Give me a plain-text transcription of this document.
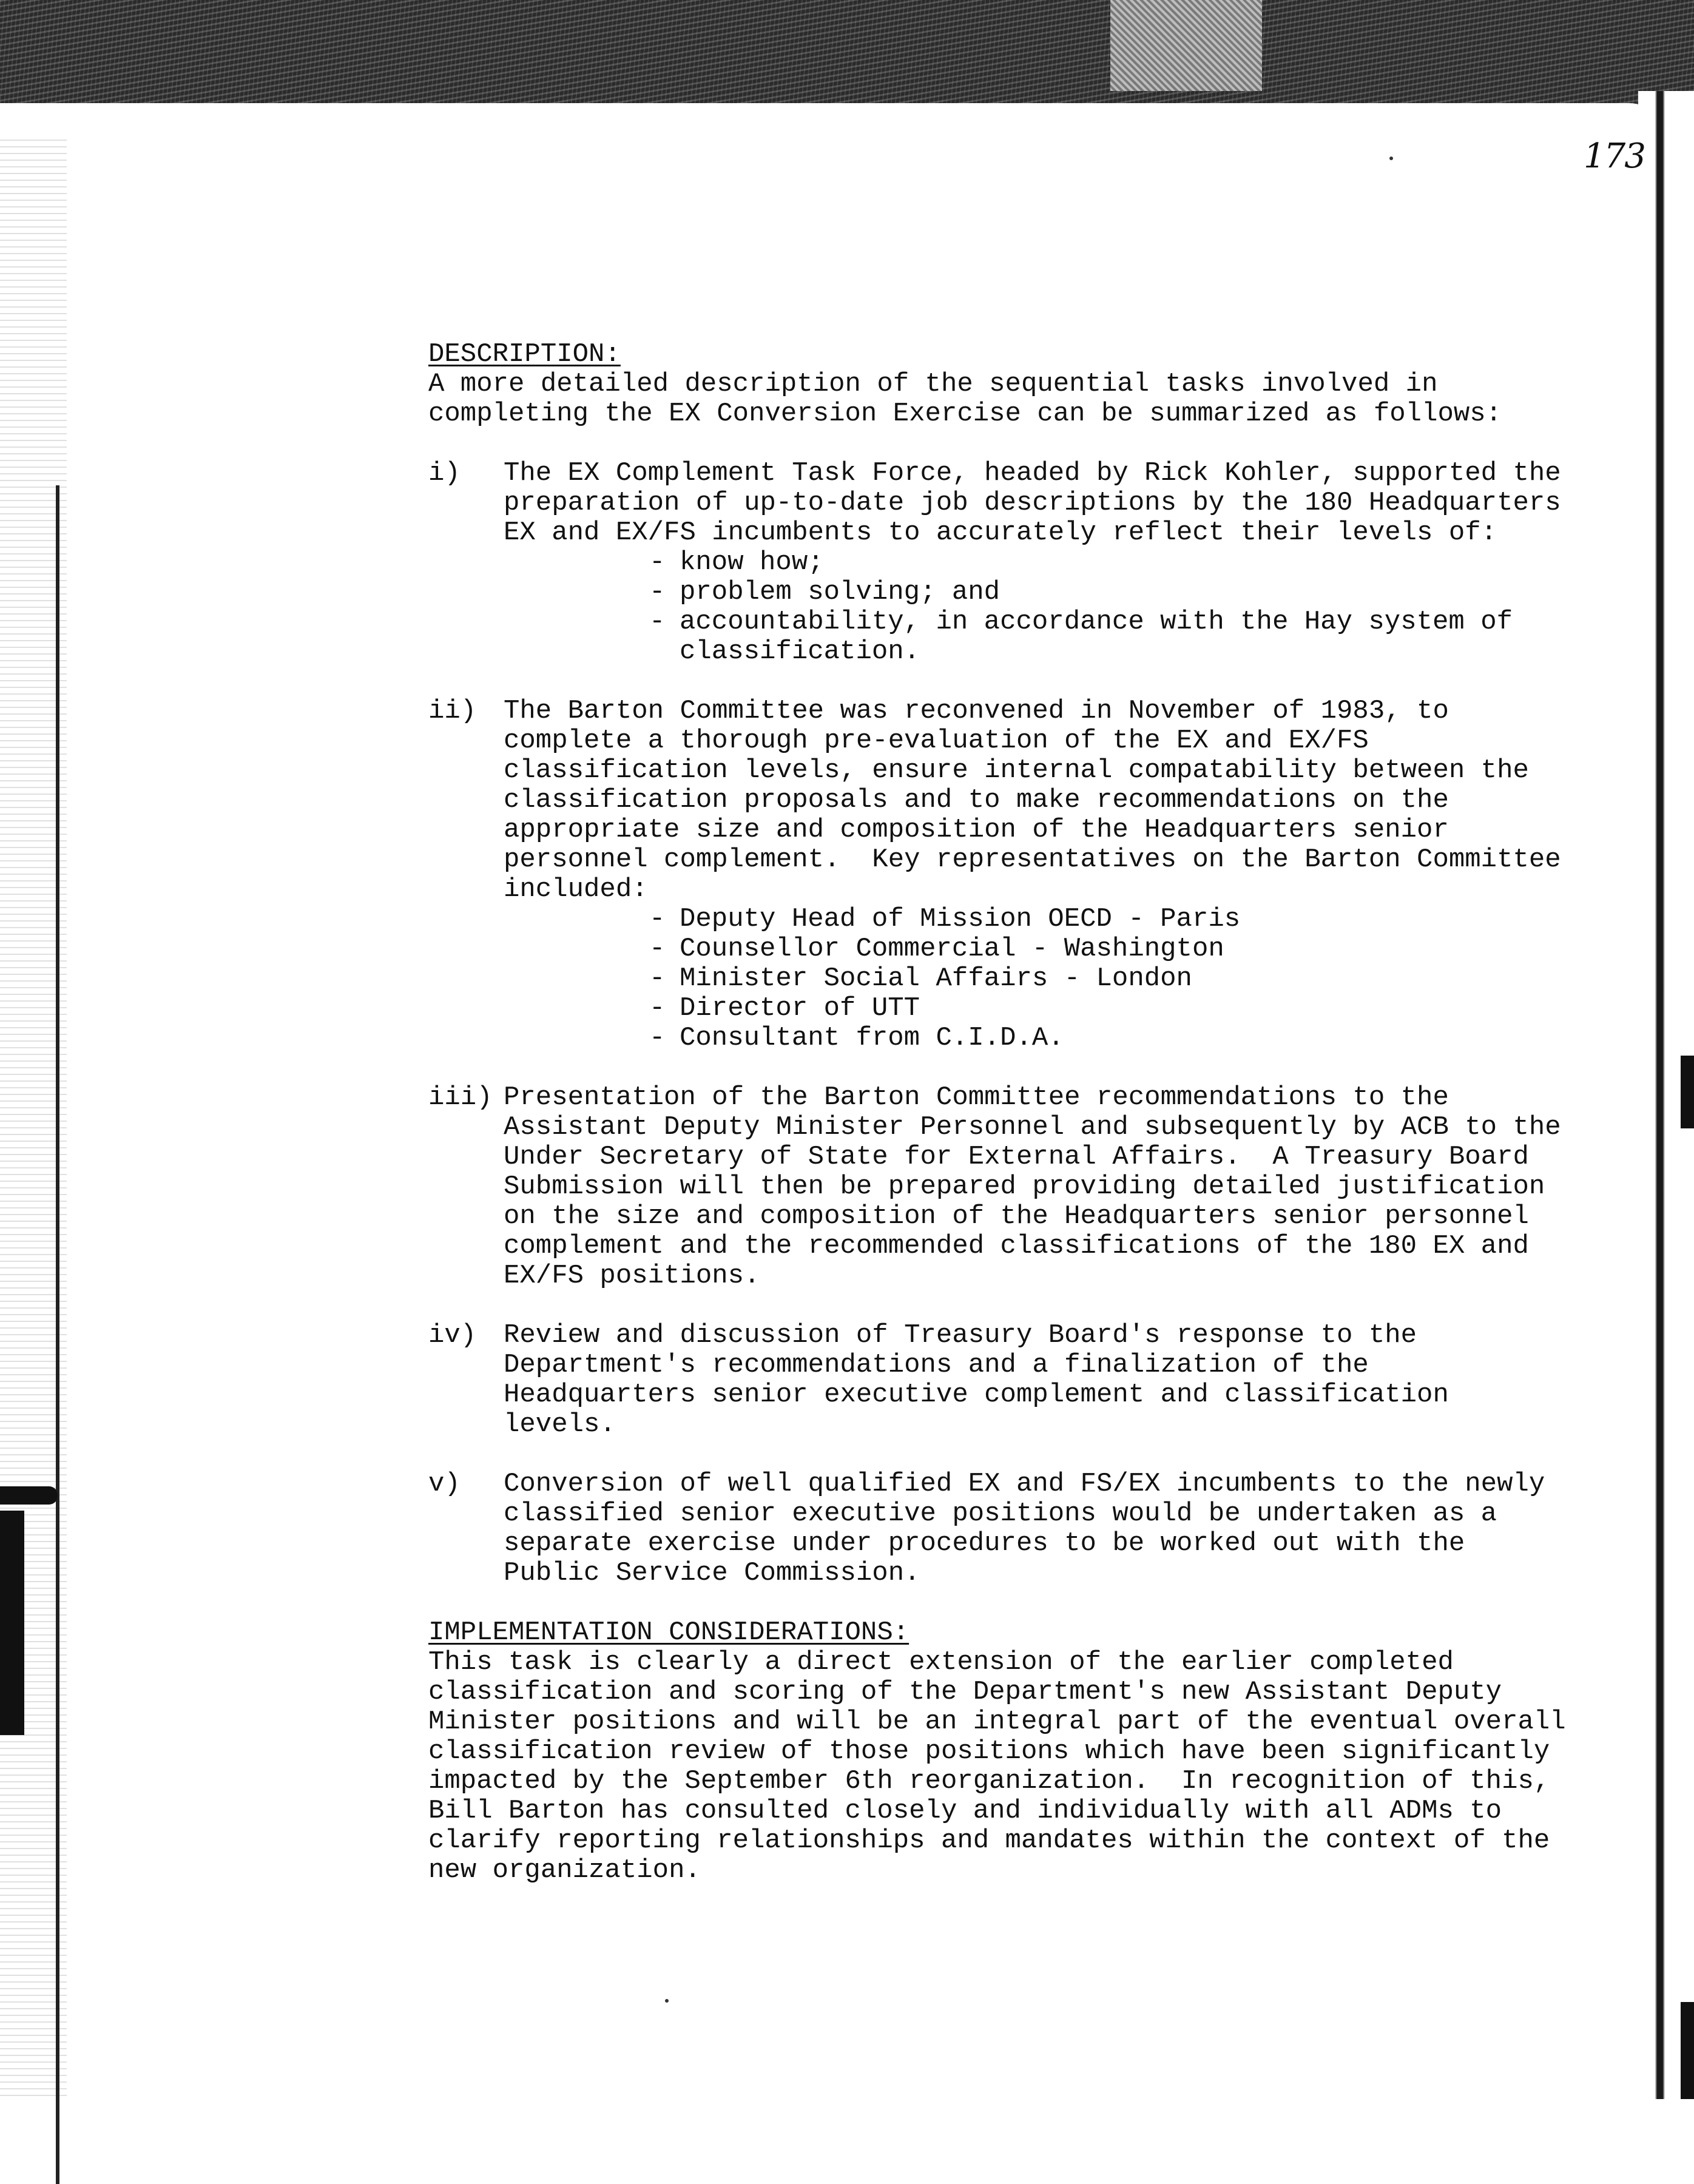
173
DESCRIPTION:

A more detailed description of the sequential tasks involved in
completing the EX Conversion Exercise can be summarized as follows:

i)	The EX Complement Task Force, headed by Rick Kohler, supported the
preparation of up-to-date job descriptions by the 180 Headquarters
EX and EX/FS incumbents to accurately reflect their levels of:

- know how;
- problem solving; and
- accountability, in accordance with the Hay system of
classification.
ii)	The Barton Committee was reconvened in November of 1983, to
complete a thorough pre-evaluation of the EX and EX/FS
classification levels, ensure internal compatability between the
classification proposals and to make recommendations on the
appropriate size and composition of the Headquarters senior
personnel complement.  Key representatives on the Barton Committee
included:

- Deputy Head of Mission OECD - Paris
- Counsellor Commercial - Washington
- Minister Social Affairs - London
- Director of UTT
- Consultant from C.I.D.A.
iii) Presentation of the Barton Committee recommendations to the
Assistant Deputy Minister Personnel and subsequently by ACB to the
Under Secretary of State for External Affairs.  A Treasury Board
Submission will then be prepared providing detailed justification
on the size and composition of the Headquarters senior personnel
complement and the recommended classifications of the 180 EX and
EX/FS positions.

iv)	Review and discussion of Treasury Board's response to the
Department's recommendations and a finalization of the
Headquarters senior executive complement and classification
levels.

v)	Conversion of well qualified EX and FS/EX incumbents to the newly
classified senior executive positions would be undertaken as a
separate exercise under procedures to be worked out with the
Public Service Commission.

IMPLEMENTATION CONSIDERATIONS:

This task is clearly a direct extension of the earlier completed
classification and scoring of the Department's new Assistant Deputy
Minister positions and will be an integral part of the eventual overall
classification review of those positions which have been significantly
impacted by the September 6th reorganization.  In recognition of this,
Bill Barton has consulted closely and individually with all ADMs to
clarify reporting relationships and mandates within the context of the
new organization.
